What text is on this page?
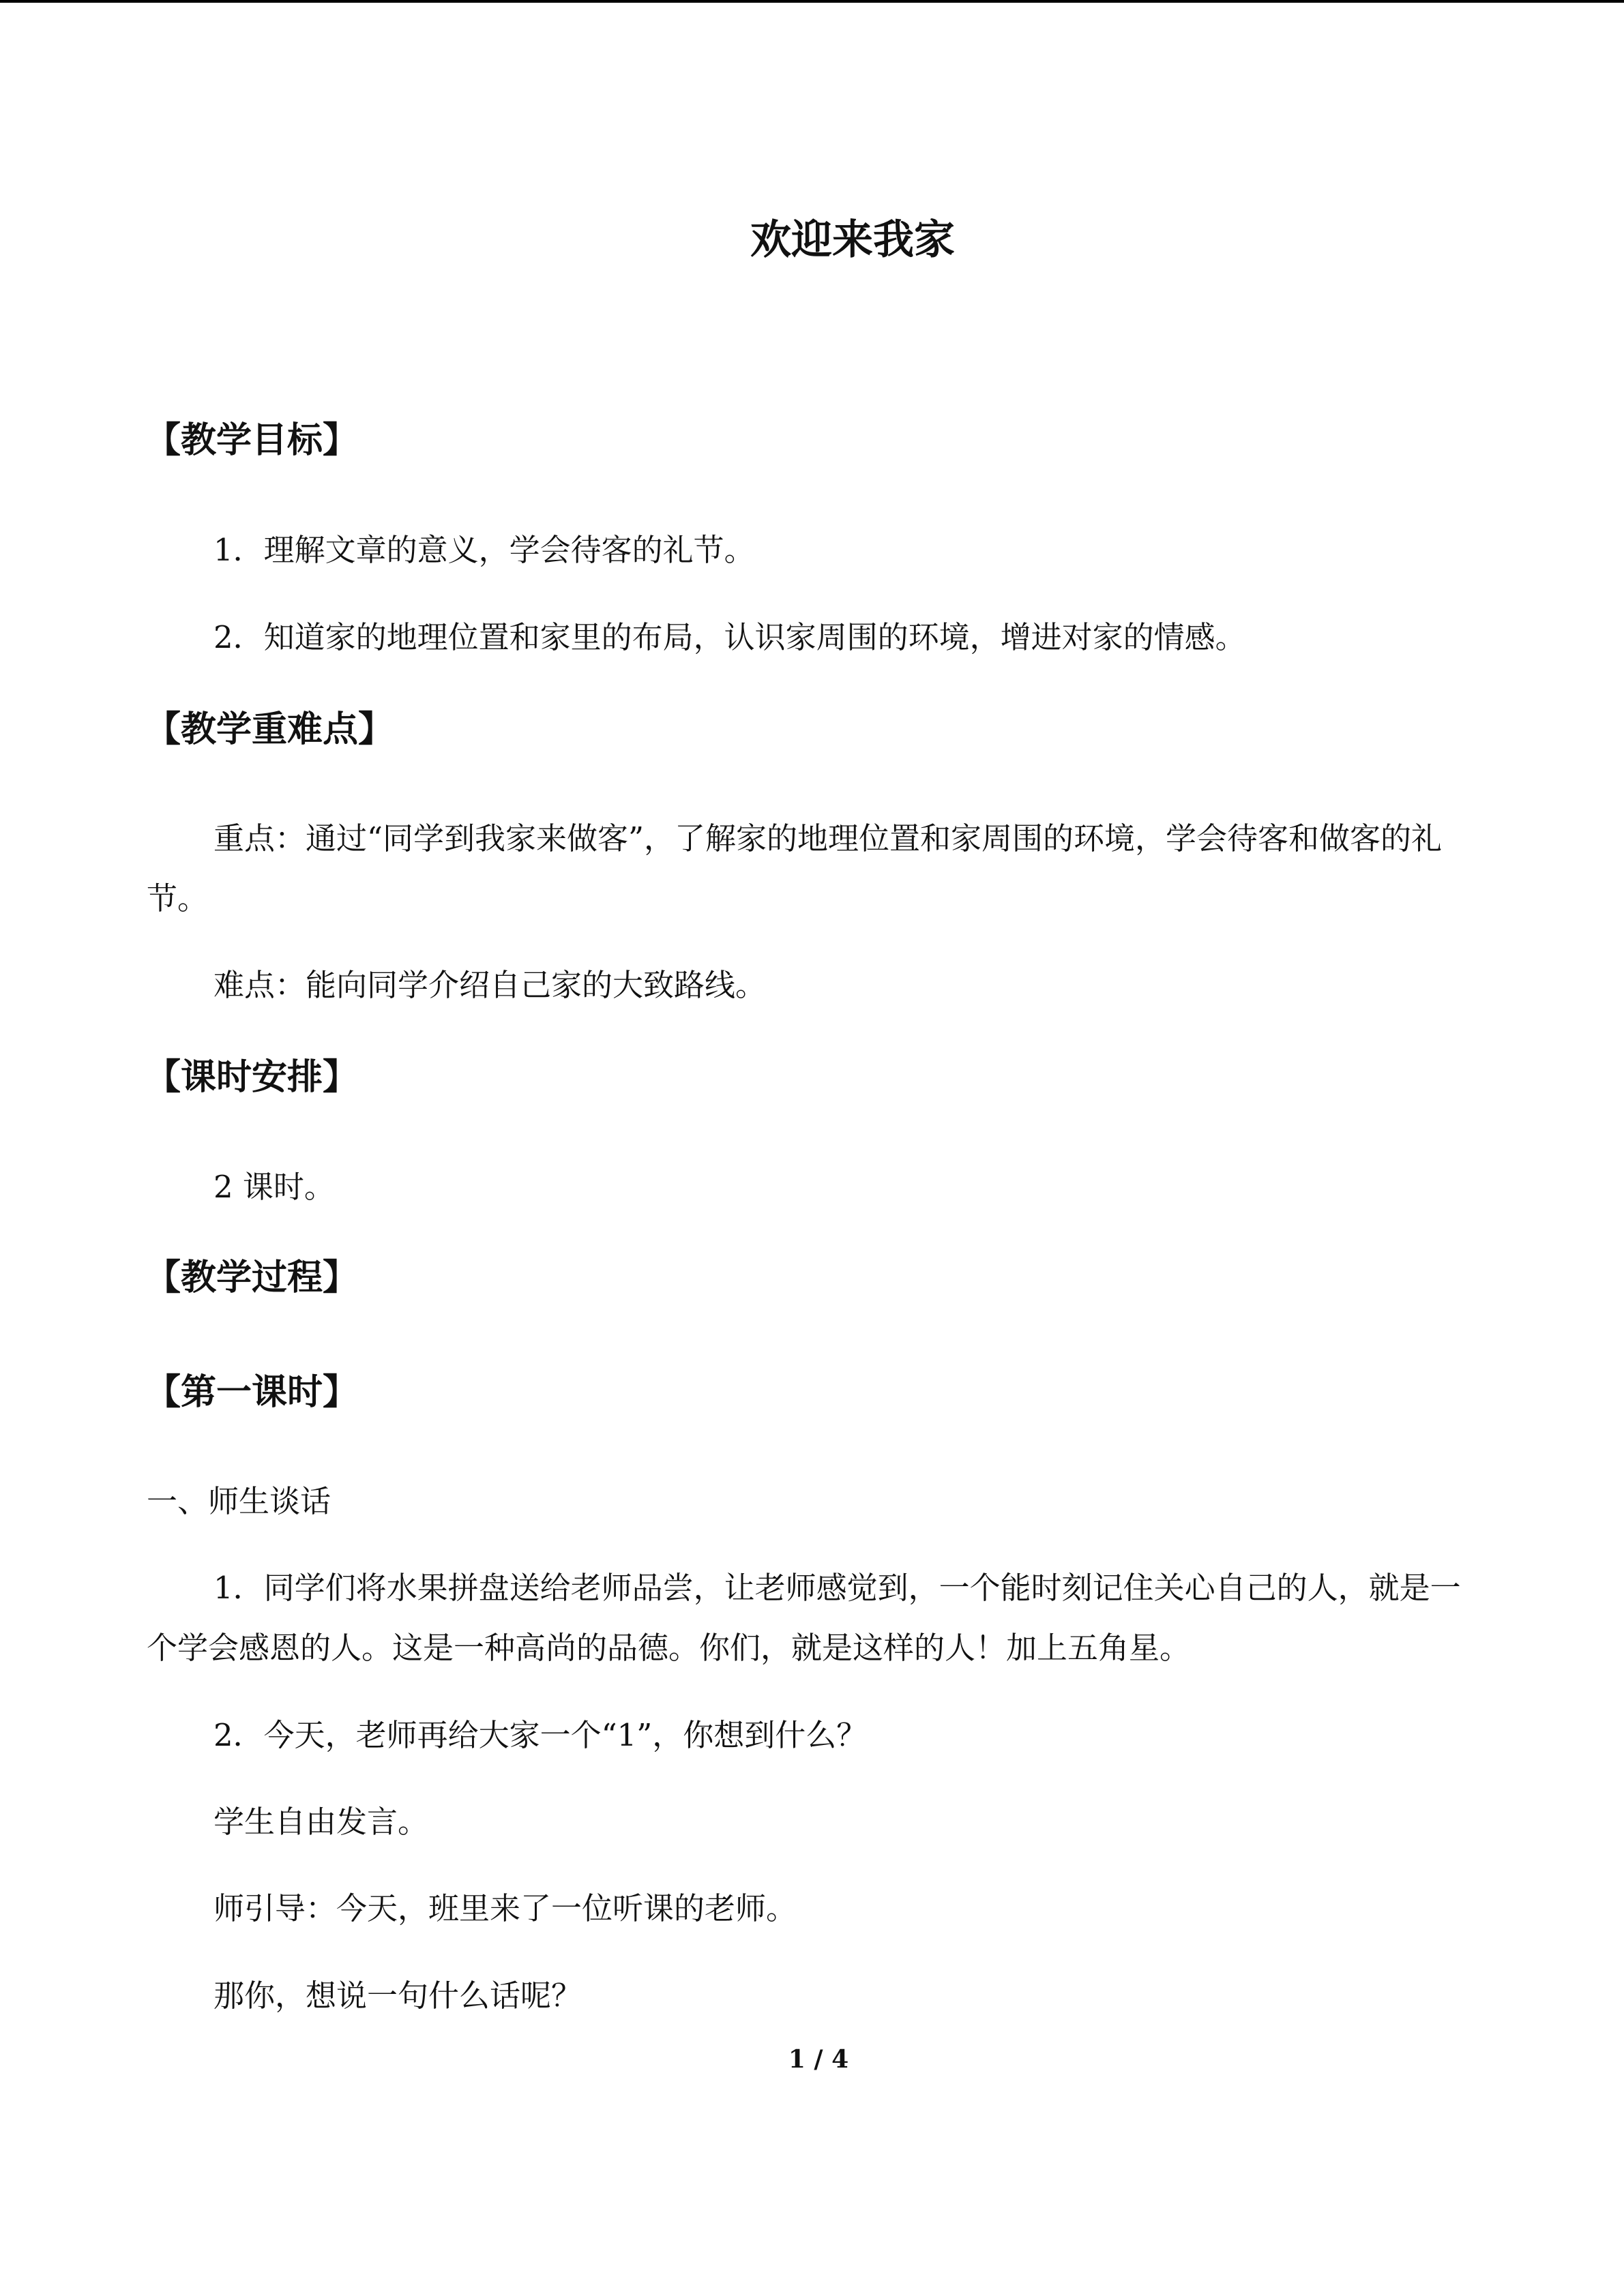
欢迎来我家
【教学目标】
1．理解文章的意义，学会待客的礼节。
2．知道家的地理位置和家里的布局，认识家周围的环境，增进对家的情感。
【教学重难点】
重点：通过“同学到我家来做客”，了解家的地理位置和家周围的环境，学会待客和做客的礼节。
难点：能向同学介绍自己家的大致路线。
【课时安排】
2 课时。
【教学过程】
【第一课时】
一、师生谈话
1．同学们将水果拼盘送给老师品尝，让老师感觉到，一个能时刻记住关心自己的人，就是一个学会感恩的人。这是一种高尚的品德。你们，就是这样的人！加上五角星。
2．今天，老师再给大家一个“1”，你想到什么？
学生自由发言。
师引导：今天，班里来了一位听课的老师。
那你，想说一句什么话呢？
1 / 4
